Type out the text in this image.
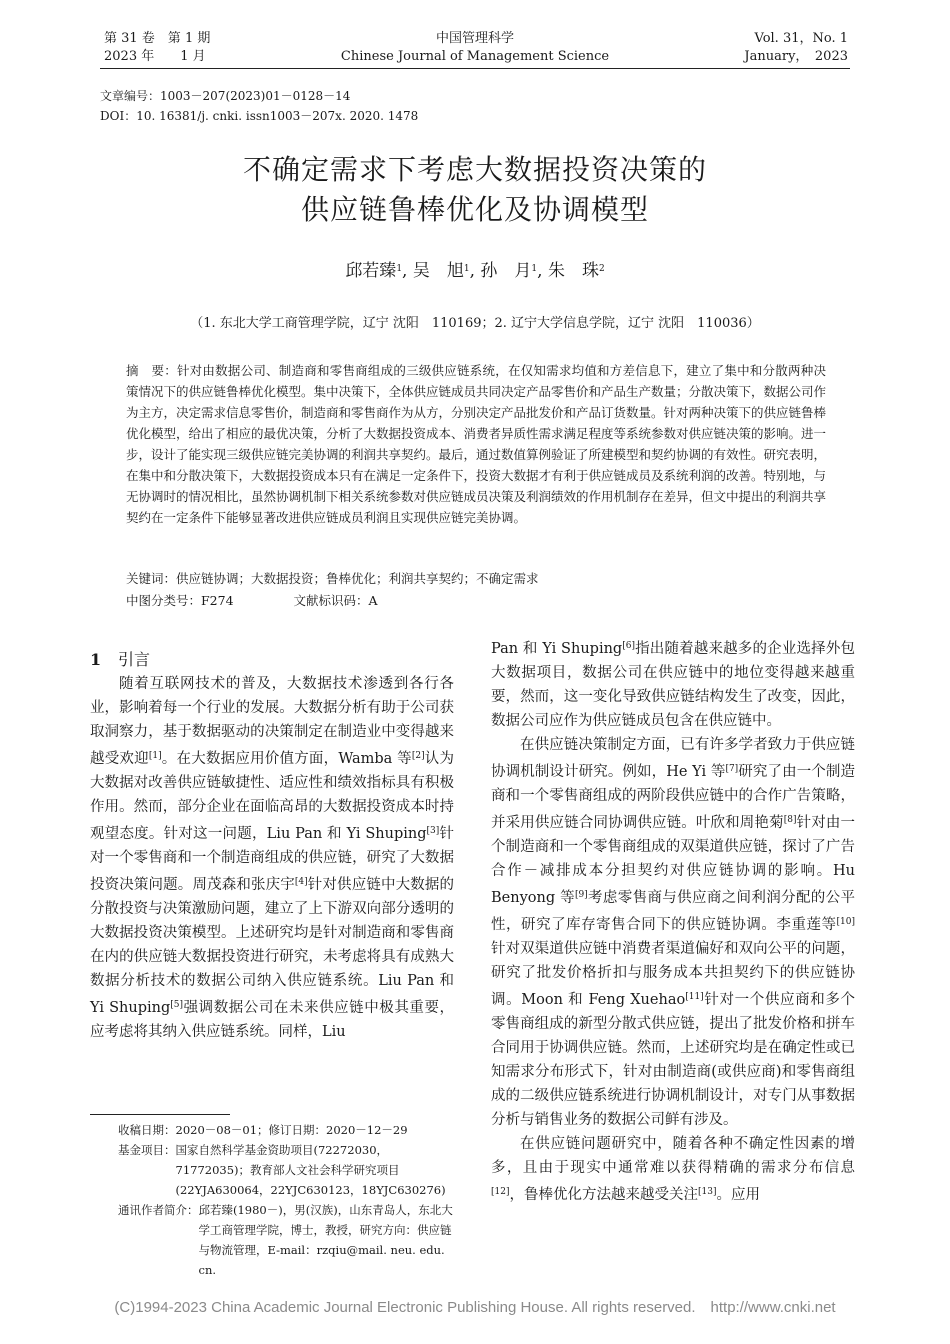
第 31 卷　第 1 期
2023 年　　1 月
中国管理科学
Chinese Journal of Management Science
Vol. 31，No. 1
January，　2023
文章编号：1003－207(2023)01－0128－14
DOI：10. 16381/j. cnki. issn1003－207x. 2020. 1478
不确定需求下考虑大数据投资决策的
供应链鲁棒优化及协调模型
邱若臻$^1$, 吴　旭$^1$, 孙　月$^1$, 朱　珠$^2$
（1. 东北大学工商管理学院，辽宁 沈阳　110169；2. 辽宁大学信息学院，辽宁 沈阳　110036）

摘　要：针对由数据公司、制造商和零售商组成的三级供应链系统，在仅知需求均值和方差信息下，建立了集中和分散两种决策情况下的供应链鲁棒优化模型。集中决策下，全体供应链成员共同决定产品零售价和产品生产数量；分散决策下，数据公司作为主方，决定需求信息零售价，制造商和零售商作为从方，分别决定产品批发价和产品订货数量。针对两种决策下的供应链鲁棒优化模型，给出了相应的最优决策，分析了大数据投资成本、消费者异质性需求满足程度等系统参数对供应链决策的影响。进一步，设计了能实现三级供应链完美协调的利润共享契约。最后，通过数值算例验证了所建模型和契约协调的有效性。研究表明，在集中和分散决策下，大数据投资成本只有在满足一定条件下，投资大数据才有利于供应链成员及系统利润的改善。特别地，与无协调时的情况相比，虽然协调机制下相关系统参数对供应链成员决策及利润绩效的作用机制存在差异，但文中提出的利润共享契约在一定条件下能够显著改进供应链成员利润且实现供应链完美协调。

关键词：供应链协调；大数据投资；鲁棒优化；利润共享契约；不确定需求
中图分类号：F274	文献标识码：A

1 引言

随着互联网技术的普及，大数据技术渗透到各行各业，影响着每一个行业的发展。大数据分析有助于公司获取洞察力，基于数据驱动的决策制定在制造业中变得越来越受欢迎[1]。在大数据应用价值方面，Wamba 等[2]认为大数据对改善供应链敏捷性、适应性和绩效指标具有积极作用。然而，部分企业在面临高昂的大数据投资成本时持观望态度。针对这一问题，Liu Pan 和 Yi Shuping[3]针对一个零售商和一个制造商组成的供应链，研究了大数据投资决策问题。周茂森和张庆宇[4]针对供应链中大数据的分散投资与决策激励问题，建立了上下游双向部分透明的大数据投资决策模型。上述研究均是针对制造商和零售商在内的供应链大数据投资进行研究，未考虑将具有成熟大数据分析技术的数据公司纳入供应链系统。Liu Pan 和 Yi Shuping[5]强调数据公司在未来供应链中极其重要，应考虑将其纳入供应链系统。同样，Liu

Pan 和 Yi Shuping[6]指出随着越来越多的企业选择外包大数据项目，数据公司在供应链中的地位变得越来越重要，然而，这一变化导致供应链结构发生了改变，因此，数据公司应作为供应链成员包含在供应链中。

在供应链决策制定方面，已有许多学者致力于供应链协调机制设计研究。例如，He Yi 等[7]研究了由一个制造商和一个零售商组成的两阶段供应链中的合作广告策略，并采用供应链合同协调供应链。叶欣和周艳菊[8]针对由一个制造商和一个零售商组成的双渠道供应链，探讨了广告合作－减排成本分担契约对供应链协调的影响。Hu Benyong 等[9]考虑零售商与供应商之间利润分配的公平性，研究了库存寄售合同下的供应链协调。李重莲等[10]针对双渠道供应链中消费者渠道偏好和双向公平的问题，研究了批发价格折扣与服务成本共担契约下的供应链协调。Moon 和 Feng Xuehao[11]针对一个供应商和多个零售商组成的新型分散式供应链，提出了批发价格和拼车合同用于协调供应链。然而，上述研究均是在确定性或已知需求分布形式下，针对由制造商(或供应商)和零售商组成的二级供应链系统进行协调机制设计，对专门从事数据分析与销售业务的数据公司鲜有涉及。

在供应链问题研究中，随着各种不确定性因素的增多，且由于现实中通常难以获得精确的需求分布信息[12]，鲁棒优化方法越来越受关注[13]。应用

收稿日期：2020－08－01；修订日期：2020－12－29
基金项目： 国家自然科学基金资助项目(72272030，71772035)；教育部人文社会科学研究项目(22YJA630064，22YJC630123，18YJC630276)
通讯作者简介： 邱若臻(1980－)，男(汉族)，山东青岛人，东北大学工商管理学院，博士，教授，研究方向：供应链与物流管理，E-mail：rzqiu@mail. neu. edu. cn.
(C)1994-2023 China Academic Journal Electronic Publishing House. All rights reserved.　http://www.cnki.net
